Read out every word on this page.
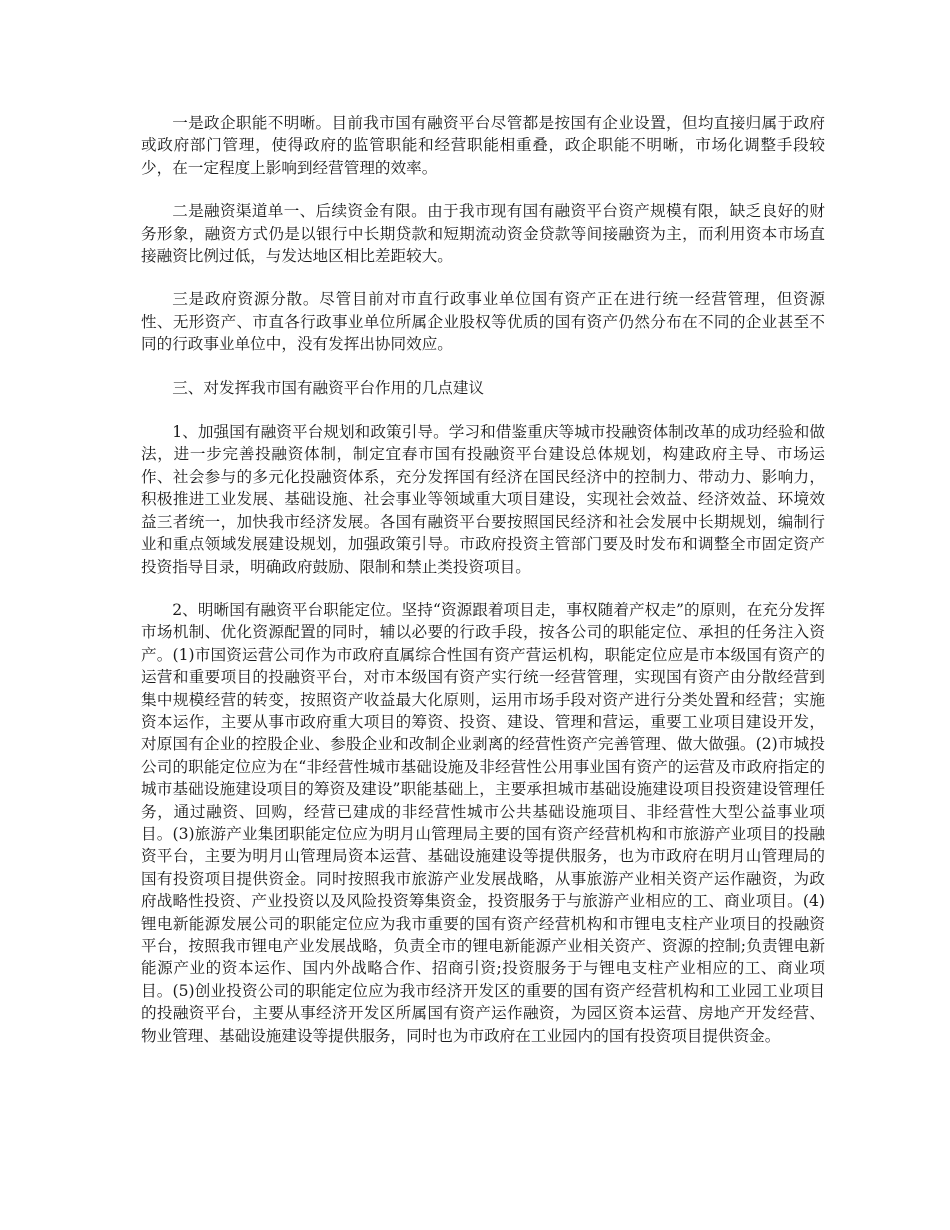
一是政企职能不明晰。目前我市国有融资平台尽管都是按国有企业设置，但均直接归属于政府或政府部门管理，使得政府的监管职能和经营职能相重叠，政企职能不明晰，市场化调整手段较少，在一定程度上影响到经营管理的效率。

二是融资渠道单一、后续资金有限。由于我市现有国有融资平台资产规模有限，缺乏良好的财务形象，融资方式仍是以银行中长期贷款和短期流动资金贷款等间接融资为主，而利用资本市场直接融资比例过低，与发达地区相比差距较大。

三是政府资源分散。尽管目前对市直行政事业单位国有资产正在进行统一经营管理，但资源性、无形资产、市直各行政事业单位所属企业股权等优质的国有资产仍然分布在不同的企业甚至不同的行政事业单位中，没有发挥出协同效应。

三、对发挥我市国有融资平台作用的几点建议

1、加强国有融资平台规划和政策引导。学习和借鉴重庆等城市投融资体制改革的成功经验和做法，进一步完善投融资体制，制定宜春市国有投融资平台建设总体规划，构建政府主导、市场运作、社会参与的多元化投融资体系，充分发挥国有经济在国民经济中的控制力、带动力、影响力，积极推进工业发展、基础设施、社会事业等领域重大项目建设，实现社会效益、经济效益、环境效益三者统一，加快我市经济发展。各国有融资平台要按照国民经济和社会发展中长期规划，编制行业和重点领域发展建设规划，加强政策引导。市政府投资主管部门要及时发布和调整全市固定资产投资指导目录，明确政府鼓励、限制和禁止类投资项目。

2、明晰国有融资平台职能定位。坚持“资源跟着项目走，事权随着产权走”的原则，在充分发挥市场机制、优化资源配置的同时，辅以必要的行政手段，按各公司的职能定位、承担的任务注入资产。(1)市国资运营公司作为市政府直属综合性国有资产营运机构，职能定位应是市本级国有资产的运营和重要项目的投融资平台，对市本级国有资产实行统一经营管理，实现国有资产由分散经营到集中规模经营的转变，按照资产收益最大化原则，运用市场手段对资产进行分类处置和经营；实施资本运作，主要从事市政府重大项目的筹资、投资、建设、管理和营运，重要工业项目建设开发，对原国有企业的控股企业、参股企业和改制企业剥离的经营性资产完善管理、做大做强。(2)市城投公司的职能定位应为在“非经营性城市基础设施及非经营性公用事业国有资产的运营及市政府指定的城市基础设施建设项目的筹资及建设”职能基础上，主要承担城市基础设施建设项目投资建设管理任务，通过融资、回购，经营已建成的非经营性城市公共基础设施项目、非经营性大型公益事业项目。(3)旅游产业集团职能定位应为明月山管理局主要的国有资产经营机构和市旅游产业项目的投融资平台，主要为明月山管理局资本运营、基础设施建设等提供服务，也为市政府在明月山管理局的国有投资项目提供资金。同时按照我市旅游产业发展战略，从事旅游产业相关资产运作融资，为政府战略性投资、产业投资以及风险投资筹集资金，投资服务于与旅游产业相应的工、商业项目。(4)锂电新能源发展公司的职能定位应为我市重要的国有资产经营机构和市锂电支柱产业项目的投融资平台，按照我市锂电产业发展战略，负责全市的锂电新能源产业相关资产、资源的控制;负责锂电新能源产业的资本运作、国内外战略合作、招商引资;投资服务于与锂电支柱产业相应的工、商业项目。(5)创业投资公司的职能定位应为我市经济开发区的重要的国有资产经营机构和工业园工业项目的投融资平台，主要从事经济开发区所属国有资产运作融资，为园区资本运营、房地产开发经营、物业管理、基础设施建设等提供服务，同时也为市政府在工业园内的国有投资项目提供资金。
